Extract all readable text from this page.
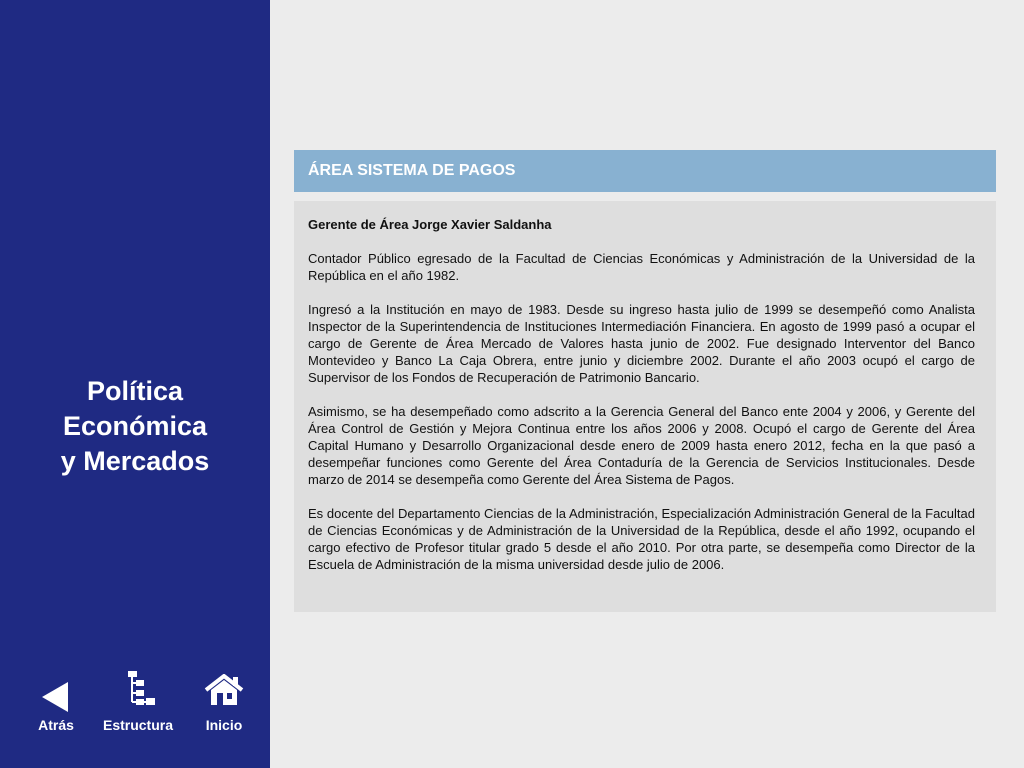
Política
Económica
y Mercados
Atrás	Estructura	Inicio
ÁREA SISTEMA DE PAGOS

Gerente de Área Jorge Xavier Saldanha

Contador Público egresado de la Facultad de Ciencias Económicas y Administración de la Universidad de la República en el año 1982.

Ingresó a la Institución en mayo de 1983. Desde su ingreso hasta julio de 1999 se desempeñó como Analista Inspector de la Superintendencia de Instituciones Intermediación Financiera. En agosto de 1999 pasó a ocupar el cargo de Gerente de Área Mercado de Valores hasta junio de 2002. Fue designado Interventor del Banco Montevideo y Banco La Caja Obrera, entre junio y diciembre 2002. Durante el año 2003 ocupó el cargo de Supervisor de los Fondos de Recuperación de Patrimonio Bancario.

Asimismo, se ha desempeñado como adscrito a la Gerencia General del Banco ente 2004 y 2006, y Gerente del Área Control de Gestión y Mejora Continua entre los años 2006 y 2008. Ocupó el cargo de Gerente del Área Capital Humano y Desarrollo Organizacional desde enero de 2009 hasta enero 2012, fecha en la que pasó a desempeñar funciones como Gerente del Área Contaduría de la Gerencia de Servicios Institucionales. Desde marzo de 2014 se desempeña como Gerente del Área Sistema de Pagos.

Es docente del Departamento Ciencias de la Administración, Especialización Administración General de la Facultad de Ciencias Económicas y de Administración de la Universidad de la República, desde el año 1992, ocupando el cargo efectivo de Profesor titular grado 5 desde el año 2010. Por otra parte, se desempeña como Director de la Escuela de Administración de la misma universidad desde julio de 2006.
